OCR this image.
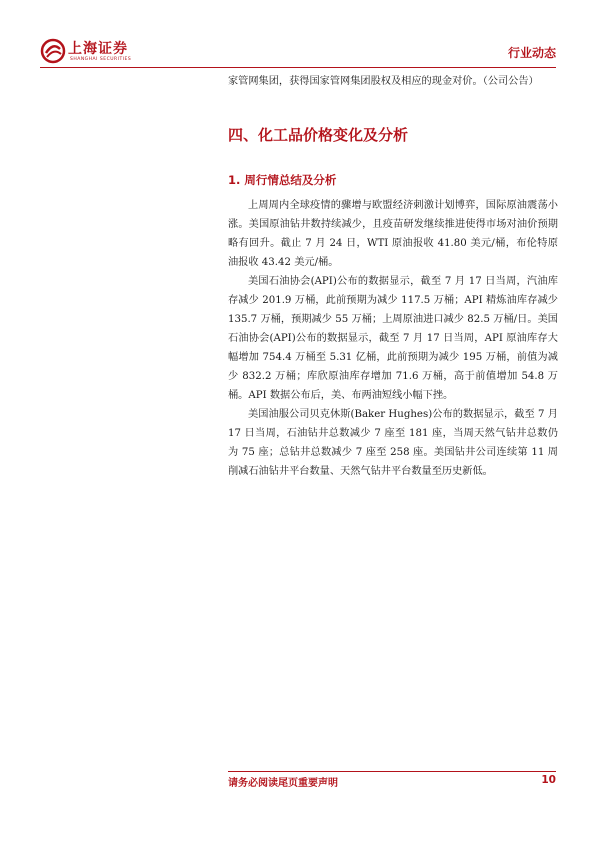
上海证券
SHANGHAI SECURITIES	行业动态

家管网集团，获得国家管网集团股权及相应的现金对价。（公司公告）

四、化工品价格变化及分析
1. 周行情总结及分析

上周周内全球疫情的骤增与欧盟经济刺激计划博弈，国际原油震荡小涨。美国原油钻井数持续减少，且疫苗研发继续推进使得市场对油价预期略有回升。截止 7 月 24 日，WTI 原油报收 41.80 美元/桶，布伦特原油报收 43.42 美元/桶。

美国石油协会(API)公布的数据显示，截至 7 月 17 日当周，汽油库存减少 201.9 万桶，此前预期为减少 117.5 万桶；API 精炼油库存减少 135.7 万桶，预期减少 55 万桶；上周原油进口减少 82.5 万桶/日。美国石油协会(API)公布的数据显示，截至 7 月 17 日当周，API 原油库存大幅增加 754.4 万桶至 5.31 亿桶，此前预期为减少 195 万桶，前值为减少 832.2 万桶；库欣原油库存增加 71.6 万桶，高于前值增加 54.8 万桶。API 数据公布后，美、布两油短线小幅下挫。

美国油服公司贝克休斯(Baker Hughes)公布的数据显示，截至 7 月 17 日当周，石油钻井总数减少 7 座至 181 座，当周天然气钻井总数仍为 75 座；总钻井总数减少 7 座至 258 座。美国钻井公司连续第 11 周削减石油钻井平台数量、天然气钻井平台数量至历史新低。

请务必阅读尾页重要声明	10
